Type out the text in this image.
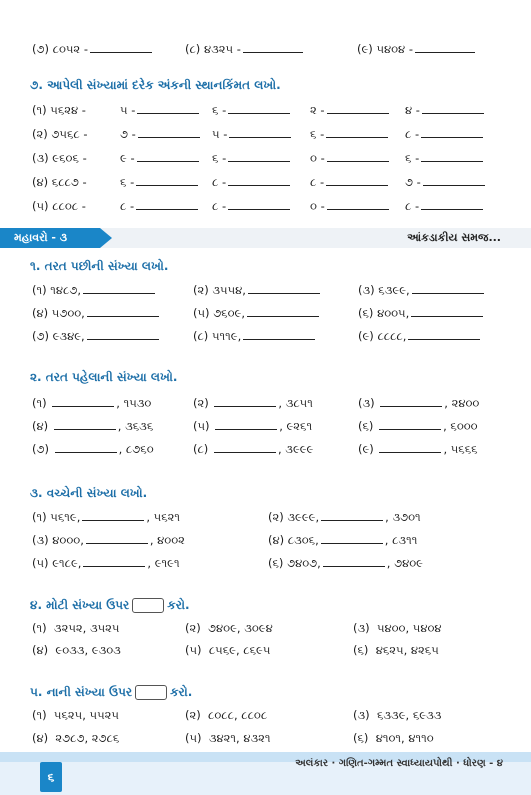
(૭) ૮૦૫૨ -	(૮) ૪૩૨૫ -	(૯) ૫૪૦૪ -
૭. આપેલી સંખ્યામાં દરેક અંકની સ્થાનકિંમત લખો.
(૧) ૫૬૨૪ -	૫ -	૬ -	૨ -	૪ -
(૨) ૭૫૬૮ -	૭ -	૫ -	૬ -	૮ -
(૩) ૯૬૦૬ -	૯ -	૬ -	૦ -	૬ -
(૪) ૬૮૮૭ -	૬ -	૮ -	૮ -	૭ -
(૫) ૮૮૦૮ -	૮ -	૮ -	૦ -	૮ -
મહાવરો - ૩	આંકડાકીય સમજ...
૧. તરત પછીની સંખ્યા લખો.
(૧) ૧૪૮૭,	(૨) ૩૫૫૪,	(૩) ૬૩૯૯,
(૪) ૫૭૦૦,	(૫) ૭૬૦૯,	(૬) ૪૦૦૫,
(૭) ૯૩૪૯,	(૮) ૫૧૧૯,	(૯) ૮૮૮૮,
૨. તરત પહેલાની સંખ્યા લખો.
(૧)	, ૧૫૩૦	(૨)	, ૩૮૫૧	(૩)	, ૨૪૦૦
(૪)	, ૩૬૩૬	(૫)	, ૯૨૬૧	(૬)	, ૬૦૦૦
(૭)	, ૮૭૬૦	(૮)	, ૩૯૯૯	(૯)	, ૫૬૬૬
૩. વચ્ચેની સંખ્યા લખો.
(૧) ૫૬૧૯,	, ૫૬૨૧	(૨) ૩૯૯૯,	, ૩૭૦૧
(૩) ૪૦૦૦,	, ૪૦૦૨	(૪) ૮૩૦૬,	, ૮૩૧૧
(૫) ૯૧૮૯,	, ૯૧૯૧	(૬) ૭૪૦૭,	, ૭૪૦૯
૪. મોટી સંખ્યા ઉપર	કરો.
(૧) ૩૨૫૨, ૩૫૨૫	(૨) ૭૪૦૯, ૩૦૯૪	(૩) ૫૪૦૦, ૫૪૦૪
(૪) ૯૦૩૩, ૯૩૦૩	(૫) ૮૫૬૯, ૮૬૯૫	(૬) ૪૬૨૫, ૪૨૬૫
૫. નાની સંખ્યા ઉપર	કરો.
(૧) ૫૬૨૫, ૫૫૨૫	(૨) ૮૦૮૮, ૮૮૦૮	(૩) ૬૩૩૯, ૬૯૩૩
(૪) ૨૭૮૭, ૨૭૮૬	(૫) ૩૪૨૧, ૪૩૨૧	(૬) ૪૧૦૧, ૪૧૧૦
અલંકાર · ગણિત-ગમ્મત સ્વાધ્યાયપોથી · ધોરણ - ૪
૬
